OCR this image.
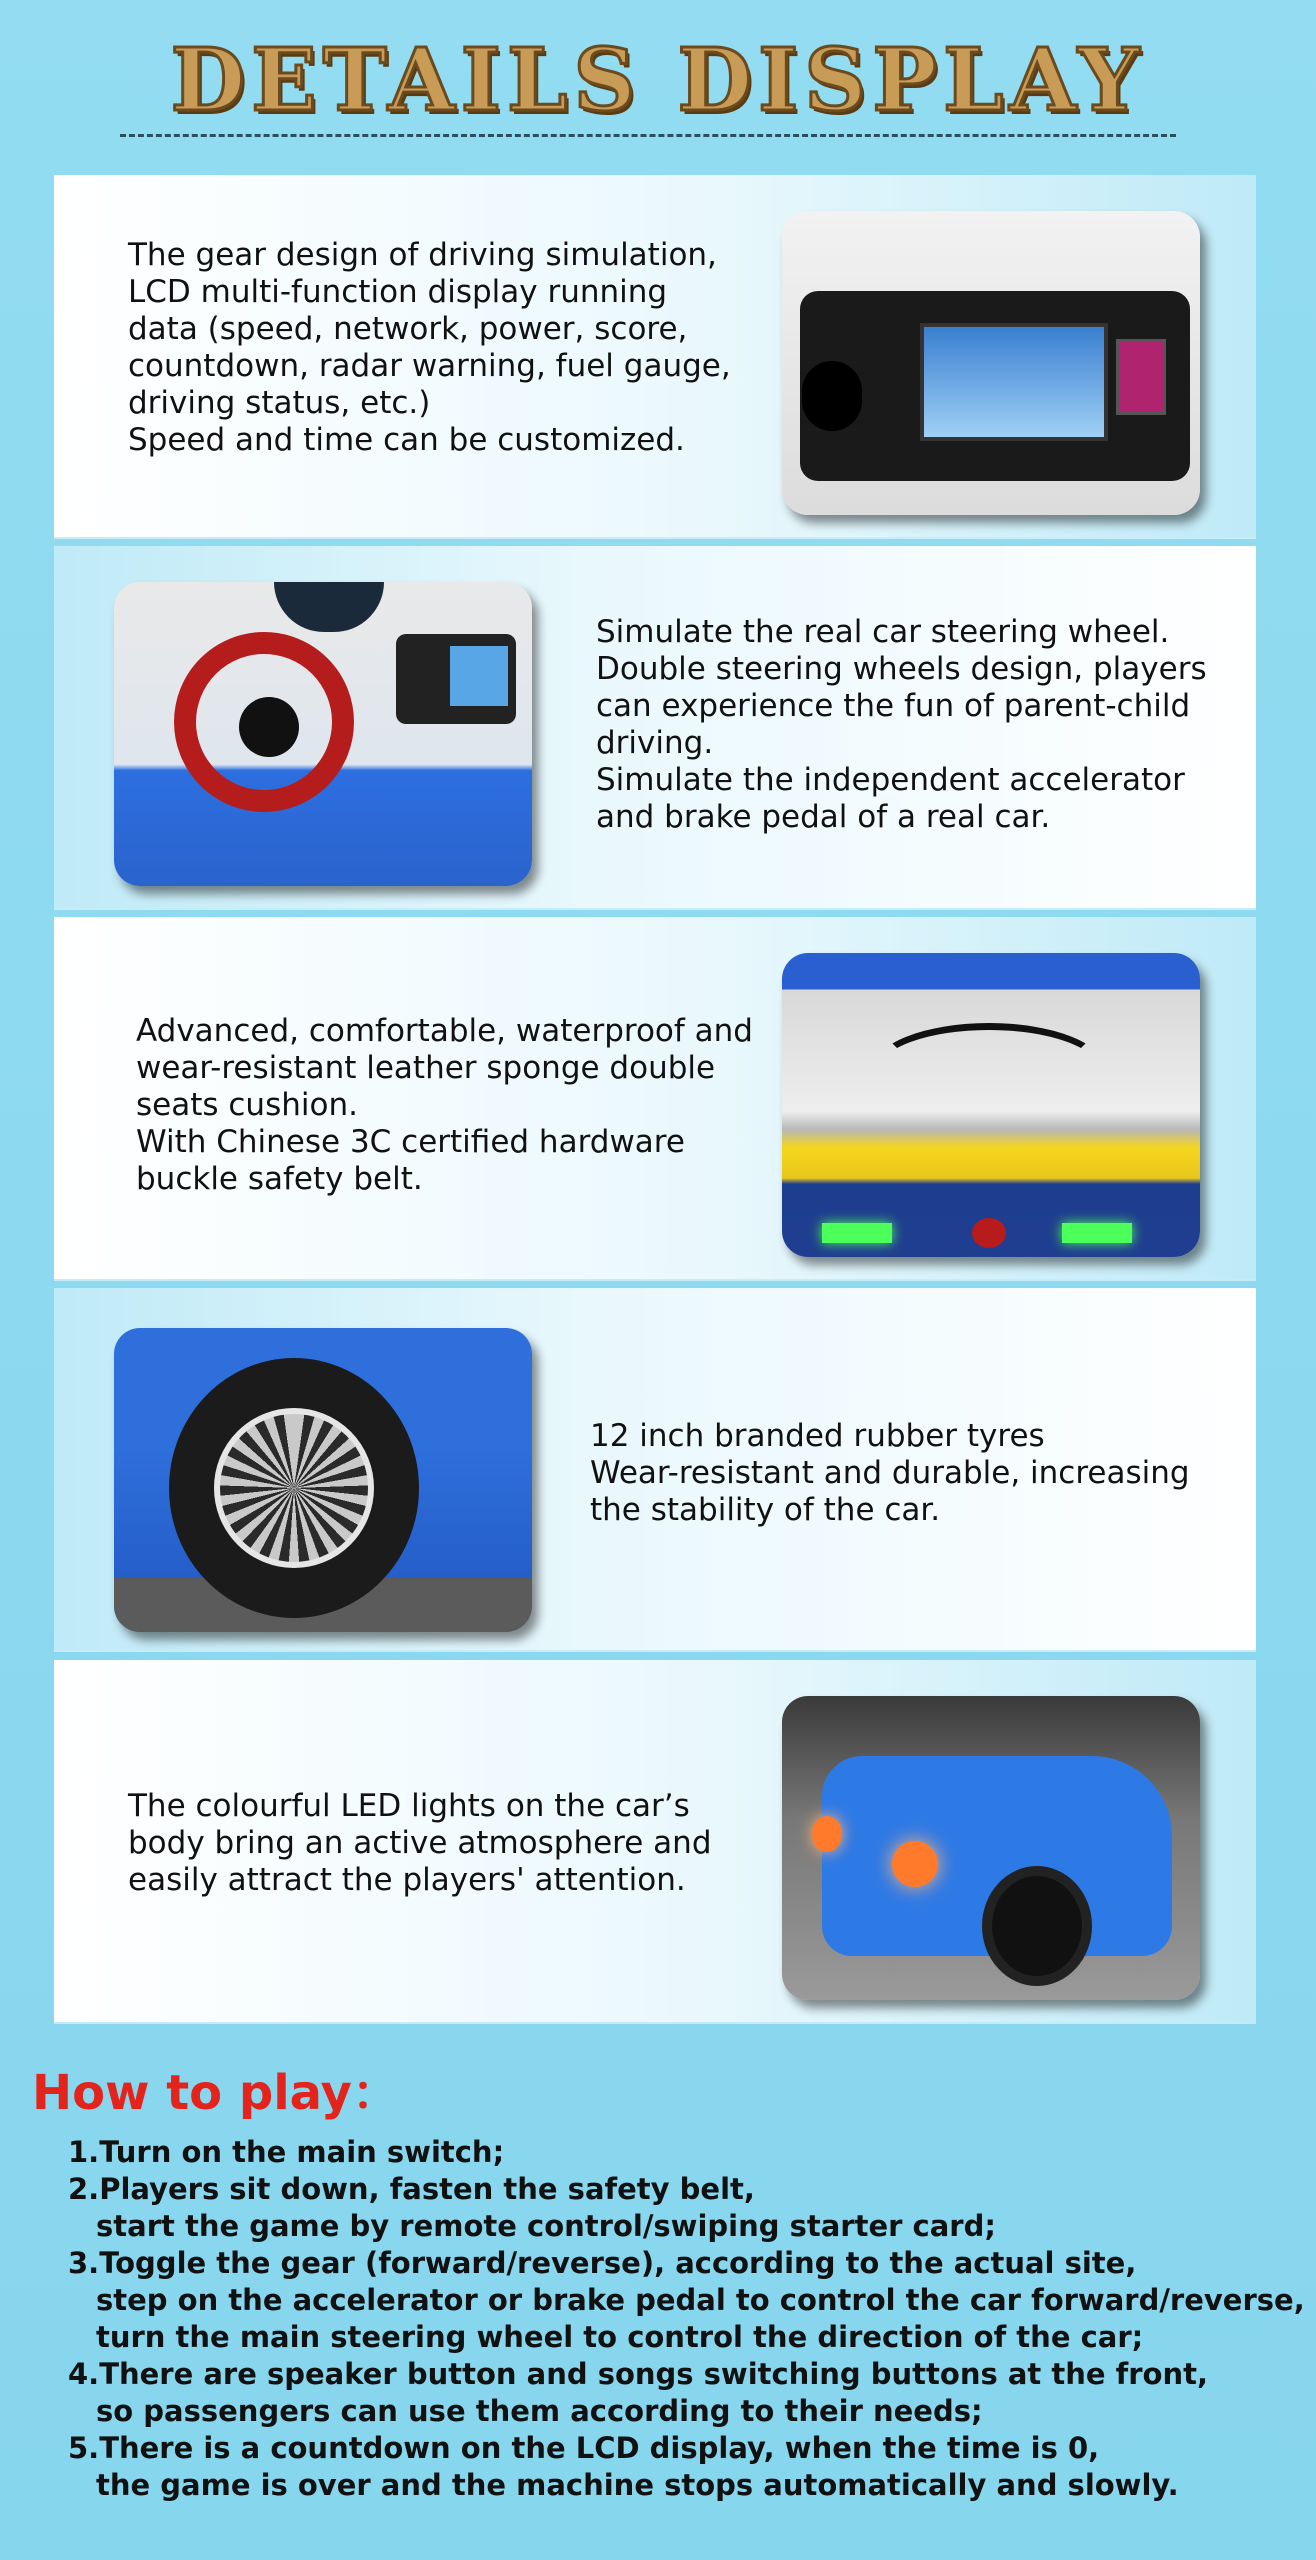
DETAILS DISPLAY
The gear design of driving simulation,
LCD multi-function display running
data (speed, network, power, score,
countdown, radar warning, fuel gauge,
driving status, etc.)
Speed and time can be customized.
Simulate the real car steering wheel.
Double steering wheels design, players
can experience the fun of parent-child
driving.
Simulate the independent accelerator
and brake pedal of a real car.
Advanced, comfortable, waterproof and
wear-resistant leather sponge double
seats cushion.
With Chinese 3C certified hardware
buckle safety belt.
12 inch branded rubber tyres
Wear-resistant and durable, increasing
the stability of the car.
The colourful LED lights on the car’s
body bring an active atmosphere and
easily attract the players' attention.
How to play：
1.Turn on the main switch;
2.Players sit down, fasten the safety belt,
start the game by remote control/swiping starter card;
3.Toggle the gear (forward/reverse), according to the actual site,
step on the accelerator or brake pedal to control the car forward/reverse,
turn the main steering wheel to control the direction of the car;
4.There are speaker button and songs switching buttons at the front,
so passengers can use them according to their needs;
5.There is a countdown on the LCD display, when the time is 0,
the game is over and the machine stops automatically and slowly.
